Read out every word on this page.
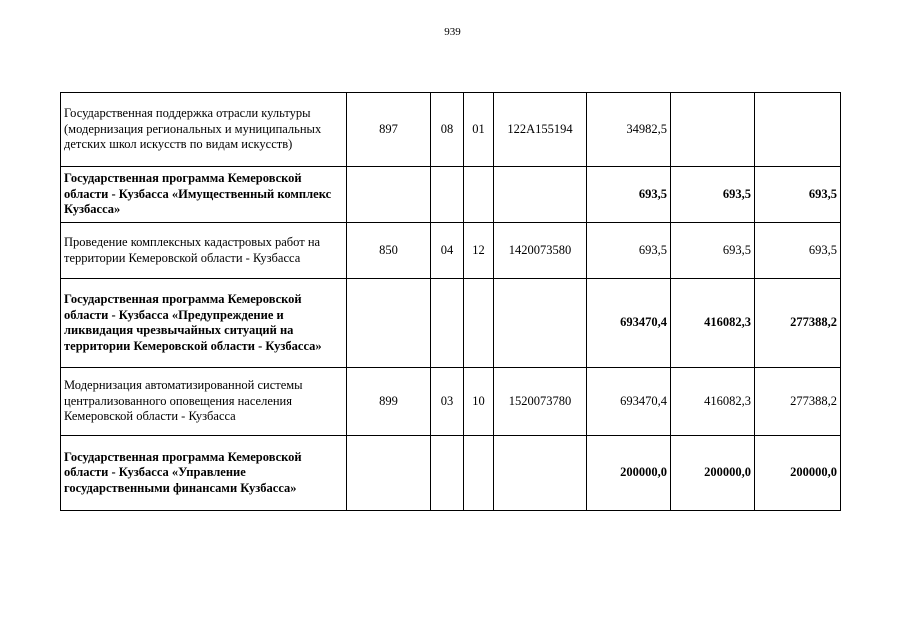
939
Государственная поддержка отрасли культуры (модернизация региональных и муниципальных детских школ искусств по видам искусств)	897	08	01	122A155194	34982,5		
Государственная программа Кемеровской области - Кузбасса «Имущественный комплекс Кузбасса»					693,5	693,5	693,5
Проведение комплексных кадастровых работ на территории Кемеровской области - Кузбасса	850	04	12	1420073580	693,5	693,5	693,5
Государственная программа Кемеровской области - Кузбасса «Предупреждение и ликвидация чрезвычайных ситуаций на территории Кемеровской области - Кузбасса»					693470,4	416082,3	277388,2
Модернизация автоматизированной системы централизованного оповещения населения Кемеровской области - Кузбасса	899	03	10	1520073780	693470,4	416082,3	277388,2
Государственная программа Кемеровской области - Кузбасса «Управление государственными финансами Кузбасса»					200000,0	200000,0	200000,0
